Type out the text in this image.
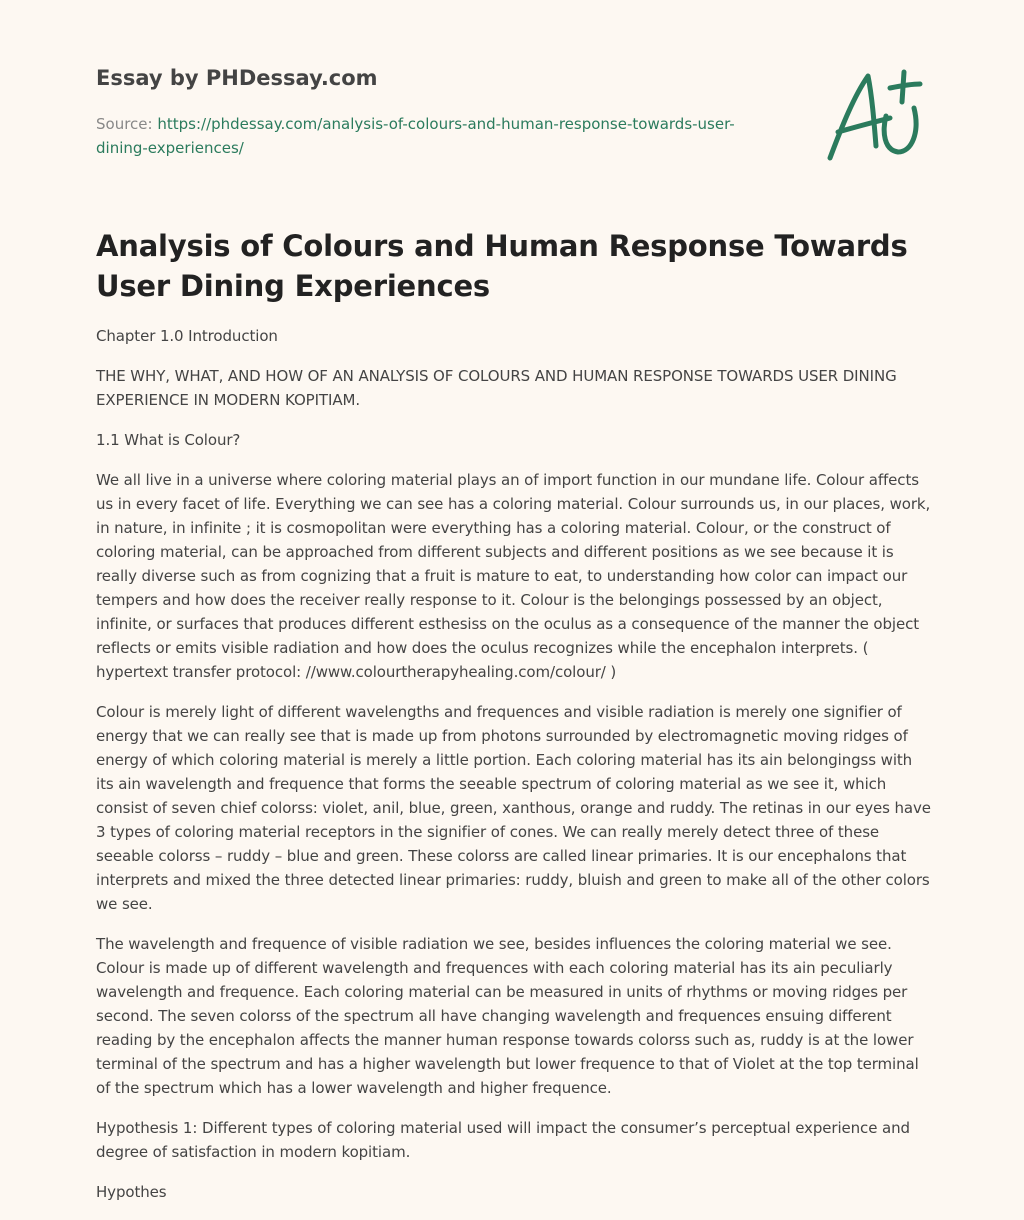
Essay by PHDessay.com
Source: https://phdessay.com/analysis-of-colours-and-human-response-towards-user-
dining-experiences/
Analysis of Colours and Human Response Towards User Dining Experiences

Chapter 1.0 Introduction

THE WHY, WHAT, AND HOW OF AN ANALYSIS OF COLOURS AND HUMAN RESPONSE TOWARDS USER DINING EXPERIENCE IN MODERN KOPITIAM.

1.1 What is Colour?

We all live in a universe where coloring material plays an of import function in our mundane life. Colour affects us in every facet of life. Everything we can see has a coloring material. Colour surrounds us, in our places, work, in nature, in infinite ; it is cosmopolitan were everything has a coloring material. Colour, or the construct of coloring material, can be approached from different subjects and different positions as we see because it is really diverse such as from cognizing that a fruit is mature to eat, to understanding how color can impact our tempers and how does the receiver really response to it. Colour is the belongings possessed by an object, infinite, or surfaces that produces different esthesiss on the oculus as a consequence of the manner the object reflects or emits visible radiation and how does the oculus recognizes while the encephalon interprets. ( hypertext transfer protocol: //www.colourtherapyhealing.com/colour/ )

Colour is merely light of different wavelengths and frequences and visible radiation is merely one signifier of energy that we can really see that is made up from photons surrounded by electromagnetic moving ridges of energy of which coloring material is merely a little portion. Each coloring material has its ain belongingss with its ain wavelength and frequence that forms the seeable spectrum of coloring material as we see it, which consist of seven chief colorss: violet, anil, blue, green, xanthous, orange and ruddy. The retinas in our eyes have 3 types of coloring material receptors in the signifier of cones. We can really merely detect three of these seeable colorss – ruddy – blue and green. These colorss are called linear primaries. It is our encephalons that interprets and mixed the three detected linear primaries: ruddy, bluish and green to make all of the other colors we see.

The wavelength and frequence of visible radiation we see, besides influences the coloring material we see. Colour is made up of different wavelength and frequences with each coloring material has its ain peculiarly wavelength and frequence. Each coloring material can be measured in units of rhythms or moving ridges per second. The seven colorss of the spectrum all have changing wavelength and frequences ensuing different reading by the encephalon affects the manner human response towards colorss such as, ruddy is at the lower terminal of the spectrum and has a higher wavelength but lower frequence to that of Violet at the top terminal of the spectrum which has a lower wavelength and higher frequence.

Hypothesis 1: Different types of coloring material used will impact the consumer’s perceptual experience and degree of satisfaction in modern kopitiam.

Hypothes
